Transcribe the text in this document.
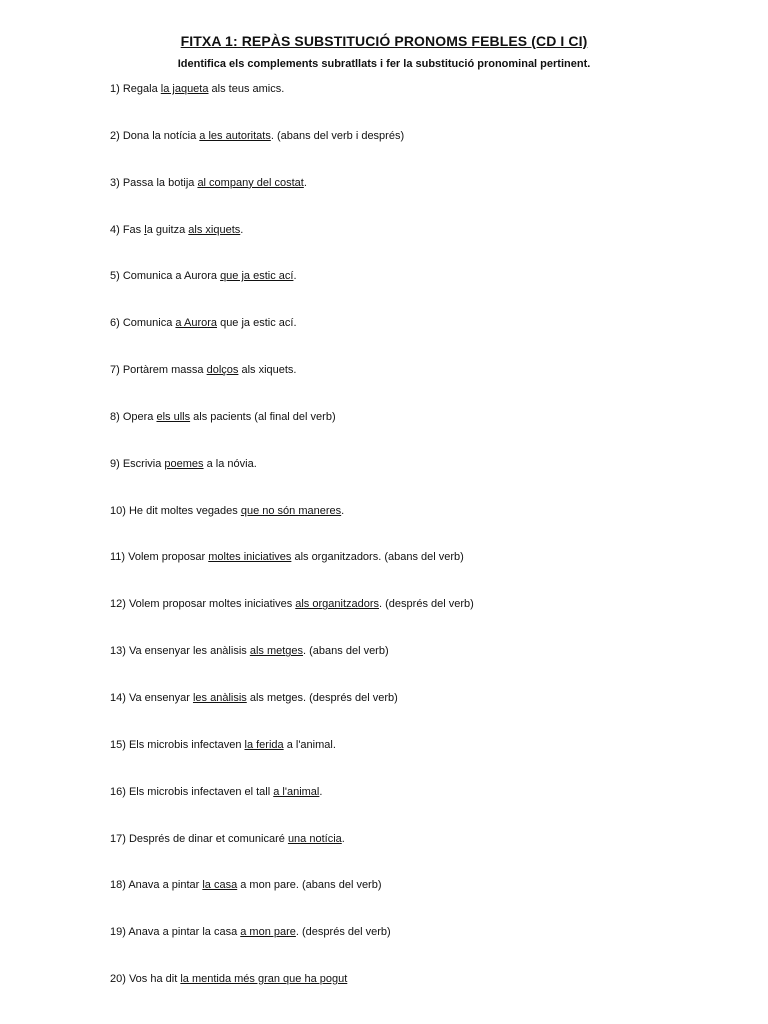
FITXA 1: REPÀS SUBSTITUCIÓ PRONOMS FEBLES (CD I CI)
Identifica els complements subratllats i fer la substitució pronominal pertinent.
1) Regala la jaqueta als teus amics.
2) Dona la notícia a les autoritats. (abans del verb i després)
3) Passa la botija al company del costat.
4) Fas la guitza als xiquets.
5) Comunica a Aurora que ja estic ací.
6) Comunica a Aurora que ja estic ací.
7) Portàrem massa dolços als xiquets.
8) Opera els ulls als pacients (al final del verb)
9) Escrivia poemes a la nóvia.
10) He dit moltes vegades que no són maneres.
11) Volem proposar moltes iniciatives als organitzadors. (abans del verb)
12) Volem proposar moltes iniciatives als organitzadors. (després del verb)
13) Va ensenyar les anàlisis als metges. (abans del verb)
14) Va ensenyar les anàlisis als metges. (després del verb)
15) Els microbis infectaven la ferida a l'animal.
16) Els microbis infectaven el tall a l'animal.
17) Després de dinar et comunicaré una notícia.
18) Anava a pintar la casa a mon pare. (abans del verb)
19) Anava a pintar la casa a mon pare. (després del verb)
20) Vos ha dit la mentida més gran que ha pogut
